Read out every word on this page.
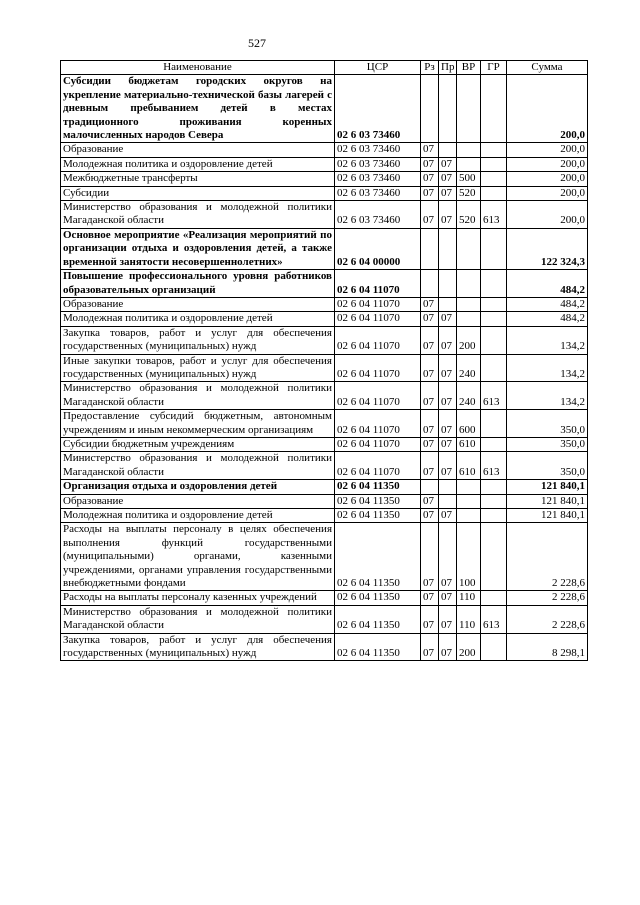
527
Наименование	ЦСР	Рз	Пр	ВР	ГР	Сумма
Субсидии бюджетам городских округов на укрепление материально-технической базы лагерей с дневным пребыванием детей в местах традиционного проживания коренных малочисленных народов Севера	02 6 03 73460					200,0
Образование	02 6 03 73460	07				200,0
Молодежная политика и оздоровление детей	02 6 03 73460	07	07			200,0
Межбюджетные трансферты	02 6 03 73460	07	07	500		200,0
Субсидии	02 6 03 73460	07	07	520		200,0
Министерство образования и молодежной политики Магаданской области	02 6 03 73460	07	07	520	613	200,0
Основное мероприятие «Реализация мероприятий по организации отдыха и оздоровления детей, а также временной занятости несовершеннолетних»	02 6 04 00000					122 324,3
Повышение профессионального уровня работников образовательных организаций	02 6 04 11070					484,2
Образование	02 6 04 11070	07				484,2
Молодежная политика и оздоровление детей	02 6 04 11070	07	07			484,2
Закупка товаров, работ и услуг для обеспечения государственных (муниципальных) нужд	02 6 04 11070	07	07	200		134,2
Иные закупки товаров, работ и услуг для обеспечения государственных (муниципальных) нужд	02 6 04 11070	07	07	240		134,2
Министерство образования и молодежной политики Магаданской области	02 6 04 11070	07	07	240	613	134,2
Предоставление субсидий бюджетным, автономным учреждениям и иным некоммерческим организациям	02 6 04 11070	07	07	600		350,0
Субсидии бюджетным учреждениям	02 6 04 11070	07	07	610		350,0
Министерство образования и молодежной политики Магаданской области	02 6 04 11070	07	07	610	613	350,0
Организация отдыха и оздоровления детей	02 6 04 11350					121 840,1
Образование	02 6 04 11350	07				121 840,1
Молодежная политика и оздоровление детей	02 6 04 11350	07	07			121 840,1
Расходы на выплаты персоналу в целях обеспечения выполнения функций государственными (муниципальными) органами, казенными учреждениями, органами управления государственными внебюджетными фондами	02 6 04 11350	07	07	100		2 228,6
Расходы на выплаты персоналу казенных учреждений	02 6 04 11350	07	07	110		2 228,6
Министерство образования и молодежной политики Магаданской области	02 6 04 11350	07	07	110	613	2 228,6
Закупка товаров, работ и услуг для обеспечения государственных (муниципальных) нужд	02 6 04 11350	07	07	200		8 298,1
